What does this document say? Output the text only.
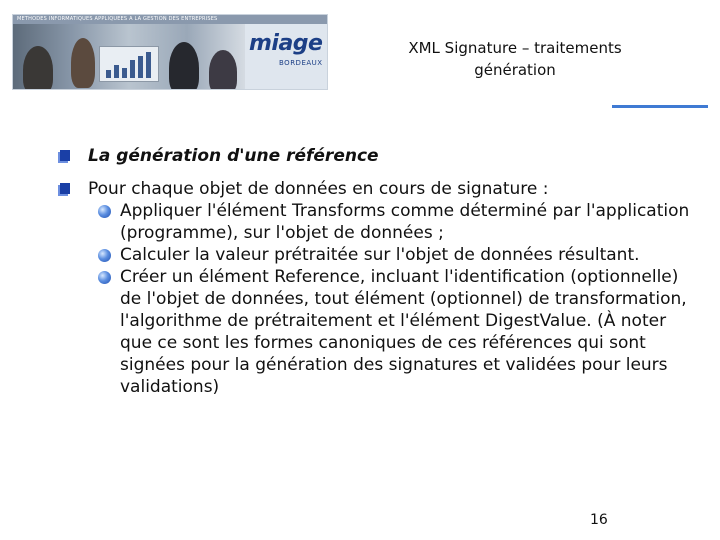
METHODES INFORMATIQUES APPLIQUEES A LA GESTION DES ENTREPRISES
miage
BORDEAUX
XML Signature – traitements
génération

La génération d'une référence

Pour chaque objet de données en cours de signature :

Appliquer l'élément Transforms comme déterminé par l'application (programme), sur l'objet de données ;

Calculer la valeur prétraitée sur l'objet de données résultant.

Créer un élément Reference, incluant l'identification (optionnelle) de l'objet de données, tout élément (optionnel) de transformation, l'algorithme de prétraitement et l'élément DigestValue. (À noter que ce sont les formes canoniques de ces références qui sont signées pour la génération des signatures et validées pour leurs validations)

16
